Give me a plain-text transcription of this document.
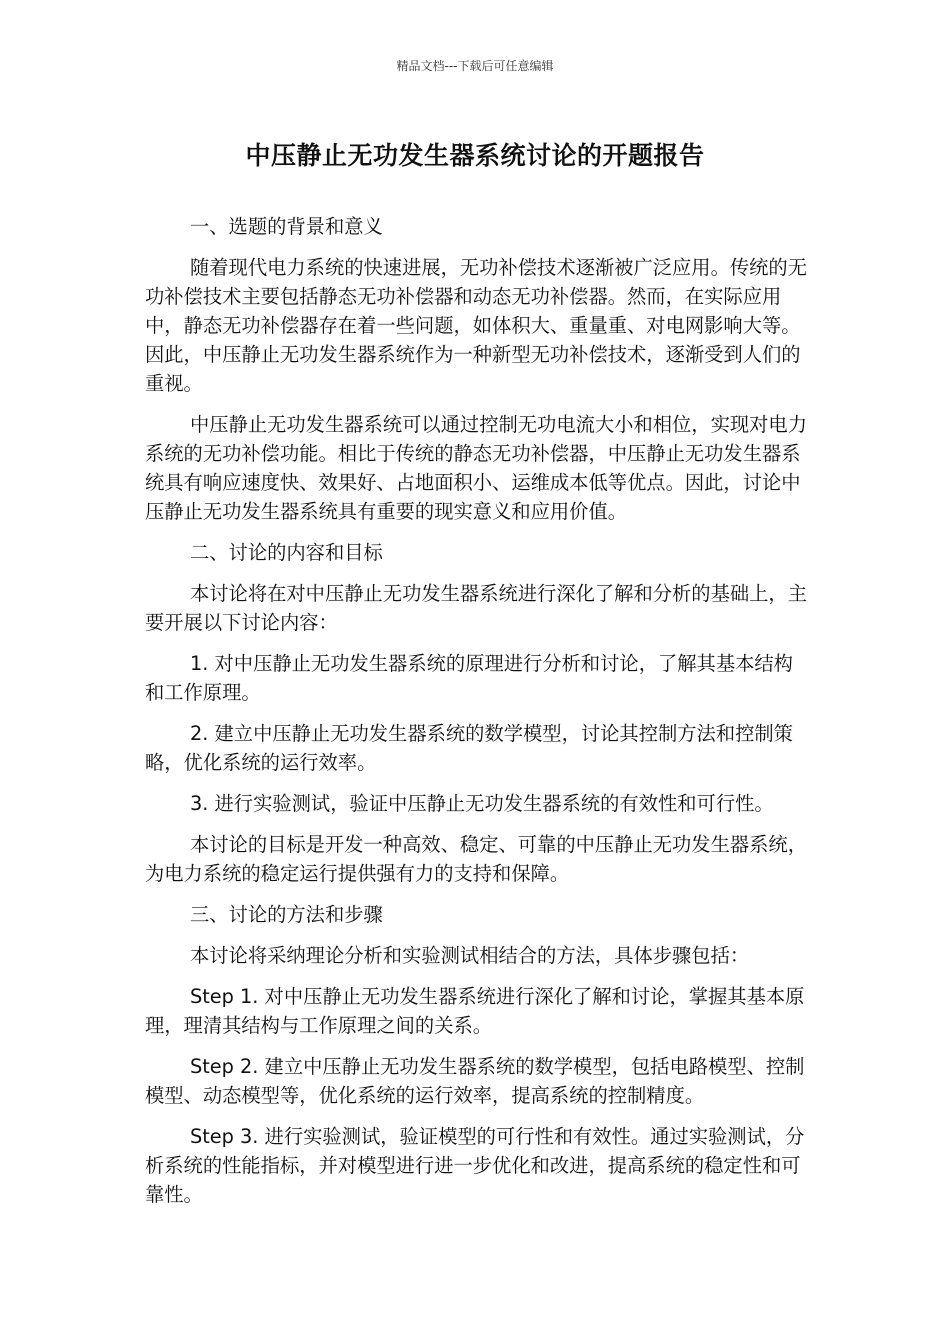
精品文档---下载后可任意编辑
中压静止无功发生器系统讨论的开题报告

一、选题的背景和意义

随着现代电力系统的快速进展，无功补偿技术逐渐被广泛应用。传统的无功补偿技术主要包括静态无功补偿器和动态无功补偿器。然而，在实际应用中，静态无功补偿器存在着一些问题，如体积大、重量重、对电网影响大等。因此，中压静止无功发生器系统作为一种新型无功补偿技术，逐渐受到人们的重视。

中压静止无功发生器系统可以通过控制无功电流大小和相位，实现对电力系统的无功补偿功能。相比于传统的静态无功补偿器，中压静止无功发生器系统具有响应速度快、效果好、占地面积小、运维成本低等优点。因此，讨论中压静止无功发生器系统具有重要的现实意义和应用价值。

二、讨论的内容和目标

本讨论将在对中压静止无功发生器系统进行深化了解和分析的基础上，主要开展以下讨论内容：

1. 对中压静止无功发生器系统的原理进行分析和讨论，了解其基本结构和工作原理。

2. 建立中压静止无功发生器系统的数学模型，讨论其控制方法和控制策略，优化系统的运行效率。

3. 进行实验测试，验证中压静止无功发生器系统的有效性和可行性。

本讨论的目标是开发一种高效、稳定、可靠的中压静止无功发生器系统，为电力系统的稳定运行提供强有力的支持和保障。

三、讨论的方法和步骤

本讨论将采纳理论分析和实验测试相结合的方法，具体步骤包括：

Step 1. 对中压静止无功发生器系统进行深化了解和讨论，掌握其基本原理，理清其结构与工作原理之间的关系。

Step 2. 建立中压静止无功发生器系统的数学模型，包括电路模型、控制模型、动态模型等，优化系统的运行效率，提高系统的控制精度。

Step 3. 进行实验测试，验证模型的可行性和有效性。通过实验测试，分析系统的性能指标，并对模型进行进一步优化和改进，提高系统的稳定性和可靠性。
